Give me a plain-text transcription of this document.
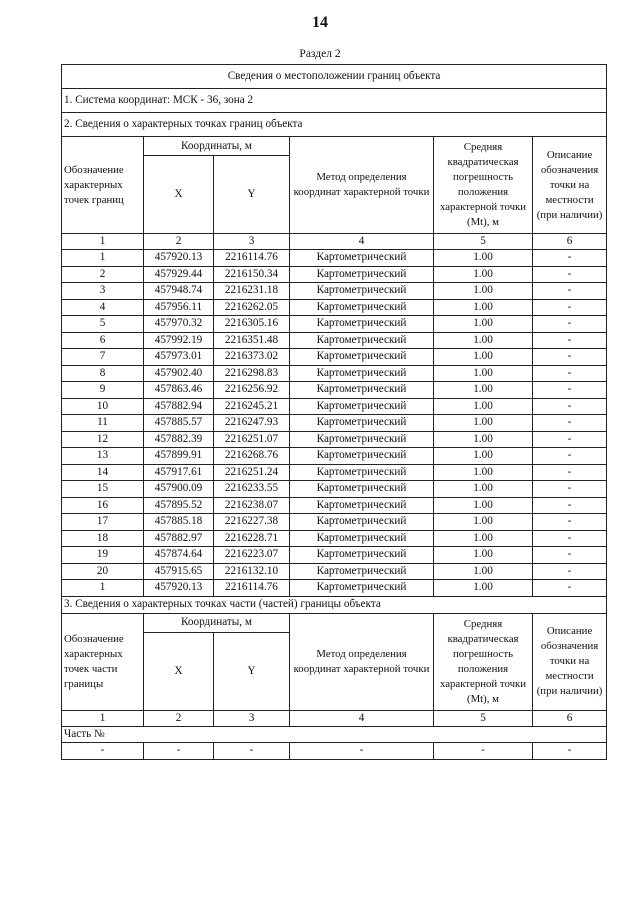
14
Раздел 2
Сведения о местоположении границ объекта					
1. Система координат: МСК - 36, зона 2					
2. Сведения о характерных точках границ объекта					
Обозначение характерных точек границ	Координаты, м		Метод определения координат характерной точки	Средняя квадратическая погрешность положения характерной точки (Mt), м	Описание обозначения точки на местности (при наличии)
	X	Y			
1	2	3	4	5	6
1	457920.13	2216114.76	Картометрический	1.00	-
2	457929.44	2216150.34	Картометрический	1.00	-
3	457948.74	2216231.18	Картометрический	1.00	-
4	457956.11	2216262.05	Картометрический	1.00	-
5	457970.32	2216305.16	Картометрический	1.00	-
6	457992.19	2216351.48	Картометрический	1.00	-
7	457973.01	2216373.02	Картометрический	1.00	-
8	457902.40	2216298.83	Картометрический	1.00	-
9	457863.46	2216256.92	Картометрический	1.00	-
10	457882.94	2216245.21	Картометрический	1.00	-
11	457885.57	2216247.93	Картометрический	1.00	-
12	457882.39	2216251.07	Картометрический	1.00	-
13	457899.91	2216268.76	Картометрический	1.00	-
14	457917.61	2216251.24	Картометрический	1.00	-
15	457900.09	2216233.55	Картометрический	1.00	-
16	457895.52	2216238.07	Картометрический	1.00	-
17	457885.18	2216227.38	Картометрический	1.00	-
18	457882.97	2216228.71	Картометрический	1.00	-
19	457874.64	2216223.07	Картометрический	1.00	-
20	457915.65	2216132.10	Картометрический	1.00	-
1	457920.13	2216114.76	Картометрический	1.00	-
3. Сведения о характерных точках части (частей) границы объекта					
Обозначение характерных точек части границы	Координаты, м		Метод определения координат характерной точки	Средняя квадратическая погрешность положения характерной точки (Mt), м	Описание обозначения точки на местности (при наличии)
	X	Y			
1	2	3	4	5	6
Часть №					
-	-	-	-	-	-
